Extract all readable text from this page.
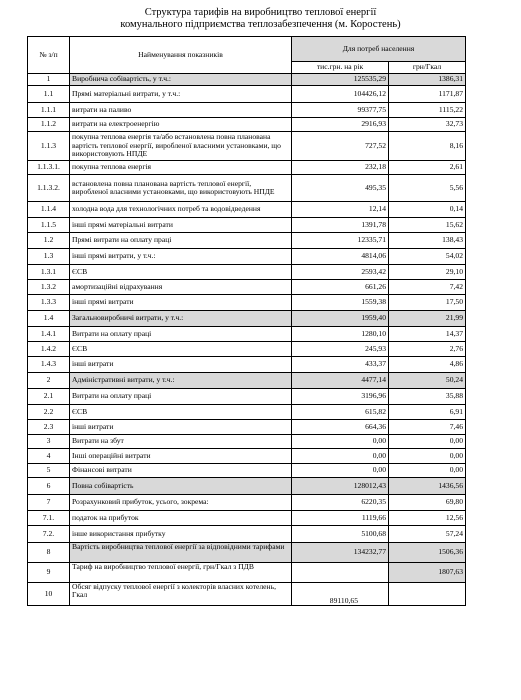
Структура тарифів на виробництво теплової енергії
комунального підприємства теплозабезпечення (м. Коростень)
№ з/п	Найменування показників	Для потреб населення	
		тис.грн. на рік	грн/Гкал
1	Виробнича собівартість, у т.ч.:	125535,29	1386,31
1.1	Прямі матеріальні витрати, у т.ч.:	104426,12	1171,87
1.1.1	витрати на паливо	99377,75	1115,22
1.1.2	витрати на електроенергію	2916,93	32,73
1.1.3	покупна теплова енергія та/або встановлена повна планована вартість теплової енергії, виробленої власними установками, що використовують НПДЕ	727,52	8,16
1.1.3.1.	покупна теплова енергія	232,18	2,61
1.1.3.2.	встановлена повна планована вартість теплової енергії, виробленої власними установками, що використовують НПДЕ	495,35	5,56
1.1.4	холодна вода для технологічних потреб та водовідведення	12,14	0,14
1.1.5	інші прямі матеріальні витрати	1391,78	15,62
1.2	Прямі витрати на оплату праці	12335,71	138,43
1.3	інші прямі витрати, у т.ч.:	4814,06	54,02
1.3.1	ЄСВ	2593,42	29,10
1.3.2	амортизаційні відрахування	661,26	7,42
1.3.3	інші прямі витрати	1559,38	17,50
1.4	Загальновиробничі витрати, у т.ч.:	1959,40	21,99
1.4.1	Витрати на оплату праці	1280,10	14,37
1.4.2	ЄСВ	245,93	2,76
1.4.3	інші витрати	433,37	4,86
2	Адміністративні витрати, у т.ч.:	4477,14	50,24
2.1	Витрати на оплату праці	3196,96	35,88
2.2	ЄСВ	615,82	6,91
2.3	інші витрати	664,36	7,46
3	Витрати на збут	0,00	0,00
4	Інші операційні витрати	0,00	0,00
5	Фінансові витрати	0,00	0,00
6	Повна собівартість	128012,43	1436,56
7	Розрахунковий прибуток, усього, зокрема:	6220,35	69,80
7.1.	податок на прибуток	1119,66	12,56
7.2.	інше використання прибутку	5100,68	57,24
8	Вартість виробництва теплової енергії за відповідними тарифами	134232,77	1506,36
9	Тариф на виробництво теплової енергії, грн/Гкал з ПДВ		1807,63
10	Обсяг відпуску теплової енергії з колекторів власних котелень, Гкал	89110,65	
